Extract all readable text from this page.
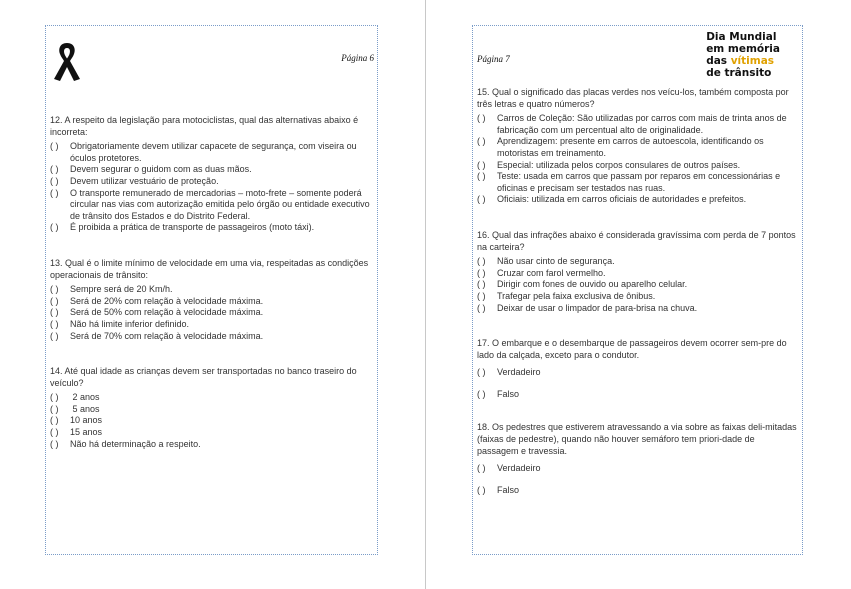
Página 6

12. A respeito da legislação para motociclistas, qual das alternativas abaixo é incorreta:

( ) Obrigatoriamente devem utilizar capacete de segurança, com viseira ou óculos protetores.
( ) Devem segurar o guidom com as duas mãos.
( ) Devem utilizar vestuário de proteção.
( ) O transporte remunerado de mercadorias – moto-frete – somente poderá circular nas vias com autorização emitida pelo órgão ou entidade executivo de trânsito dos Estados e do Distrito Federal.
( ) É proibida a prática de transporte de passageiros (moto táxi).

13. Qual é o limite mínimo de velocidade em uma via, respeitadas as condições operacionais de trânsito:

( ) Sempre será de 20 Km/h.
( ) Será de 20% com relação à velocidade máxima.
( ) Será de 50% com relação à velocidade máxima.
( ) Não há limite inferior definido.
( ) Será de 70% com relação à velocidade máxima.

14. Até qual idade as crianças devem ser transportadas no banco traseiro do veículo?

( ) 2 anos
( ) 5 anos
( ) 10 anos
( ) 15 anos
( ) Não há determinação a respeito.
Página 7
Dia Mundial
em memória
das vítimas
de trânsito

15. Qual o significado das placas verdes nos veícu-los, também composta por três letras e quatro números?

( ) Carros de Coleção: São utilizadas por carros com mais de trinta anos de fabricação com um percentual alto de originalidade.
( ) Aprendizagem: presente em carros de autoescola, identificando os motoristas em treinamento.
( ) Especial: utilizada pelos corpos consulares de outros países.
( ) Teste: usada em carros que passam por reparos em concessionárias e oficinas e precisam ser testados nas ruas.
( ) Oficiais: utilizada em carros oficiais de autoridades e prefeitos.

16. Qual das infrações abaixo é considerada gravíssima com perda de 7 pontos na carteira?

( ) Não usar cinto de segurança.
( ) Cruzar com farol vermelho.
( ) Dirigir com fones de ouvido ou aparelho celular.
( ) Trafegar pela faixa exclusiva de ônibus.
( ) Deixar de usar o limpador de para-brisa na chuva.

17. O embarque e o desembarque de passageiros devem ocorrer sem-pre do lado da calçada, exceto para o condutor.

( ) Verdadeiro
( ) Falso

18. Os pedestres que estiverem atravessando a via sobre as faixas deli-mitadas (faixas de pedestre), quando não houver semáforo tem priori-dade de passagem e travessia.

( ) Verdadeiro
( ) Falso
